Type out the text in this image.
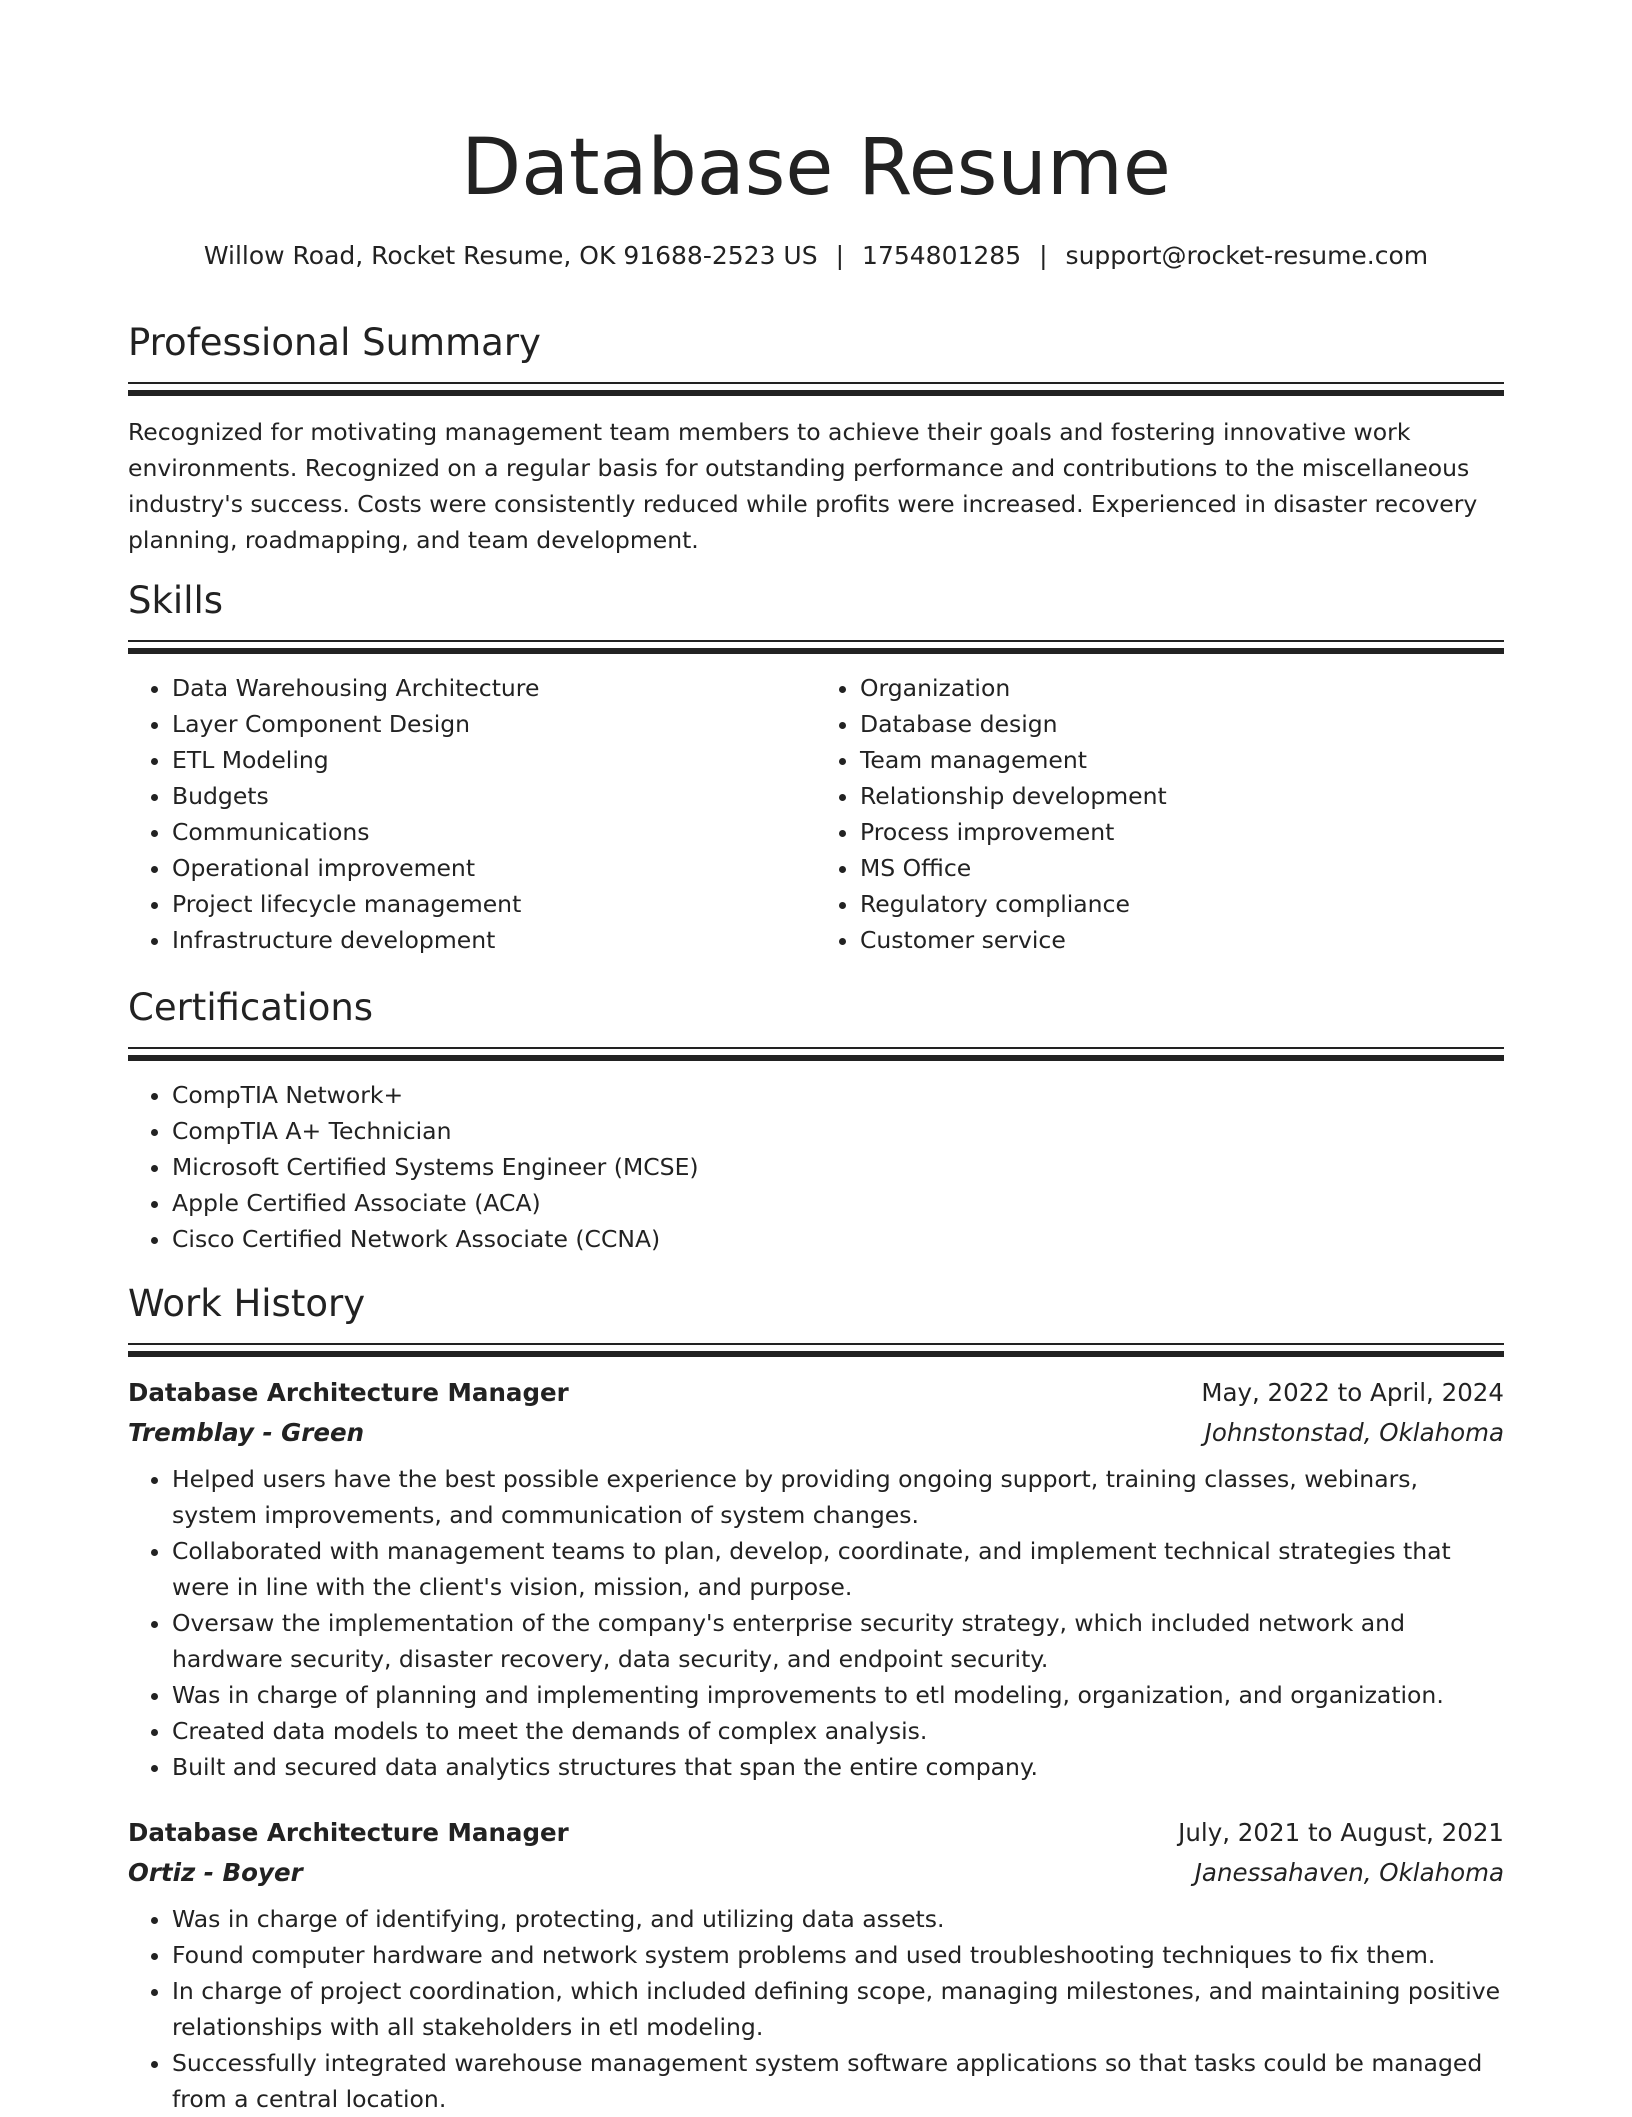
Database Resume
Willow Road, Rocket Resume, OK 91688-2523 US | 1754801285 | support@rocket-resume.com
Professional Summary
Recognized for motivating management team members to achieve their goals and fostering innovative work environments. Recognized on a regular basis for outstanding performance and contributions to the miscellaneous industry's success. Costs were consistently reduced while profits were increased. Experienced in disaster recovery planning, roadmapping, and team development.
Skills
• Data Warehousing Architecture
• Layer Component Design
• ETL Modeling
• Budgets
• Communications
• Operational improvement
• Project lifecycle management
• Infrastructure development
• Organization
• Database design
• Team management
• Relationship development
• Process improvement
• MS Office
• Regulatory compliance
• Customer service
Certifications
• CompTIA Network+
• CompTIA A+ Technician
• Microsoft Certified Systems Engineer (MCSE)
• Apple Certified Associate (ACA)
• Cisco Certified Network Associate (CCNA)
Work History
Database Architecture Manager	May, 2022 to April, 2024
Tremblay - Green	Johnstonstad, Oklahoma
• Helped users have the best possible experience by providing ongoing support, training classes, webinars, system improvements, and communication of system changes.
• Collaborated with management teams to plan, develop, coordinate, and implement technical strategies that were in line with the client's vision, mission, and purpose.
• Oversaw the implementation of the company's enterprise security strategy, which included network and hardware security, disaster recovery, data security, and endpoint security.
• Was in charge of planning and implementing improvements to etl modeling, organization, and organization.
• Created data models to meet the demands of complex analysis.
• Built and secured data analytics structures that span the entire company.
Database Architecture Manager	July, 2021 to August, 2021
Ortiz - Boyer	Janessahaven, Oklahoma
• Was in charge of identifying, protecting, and utilizing data assets.
• Found computer hardware and network system problems and used troubleshooting techniques to fix them.
• In charge of project coordination, which included defining scope, managing milestones, and maintaining positive relationships with all stakeholders in etl modeling.
• Successfully integrated warehouse management system software applications so that tasks could be managed from a central location.
